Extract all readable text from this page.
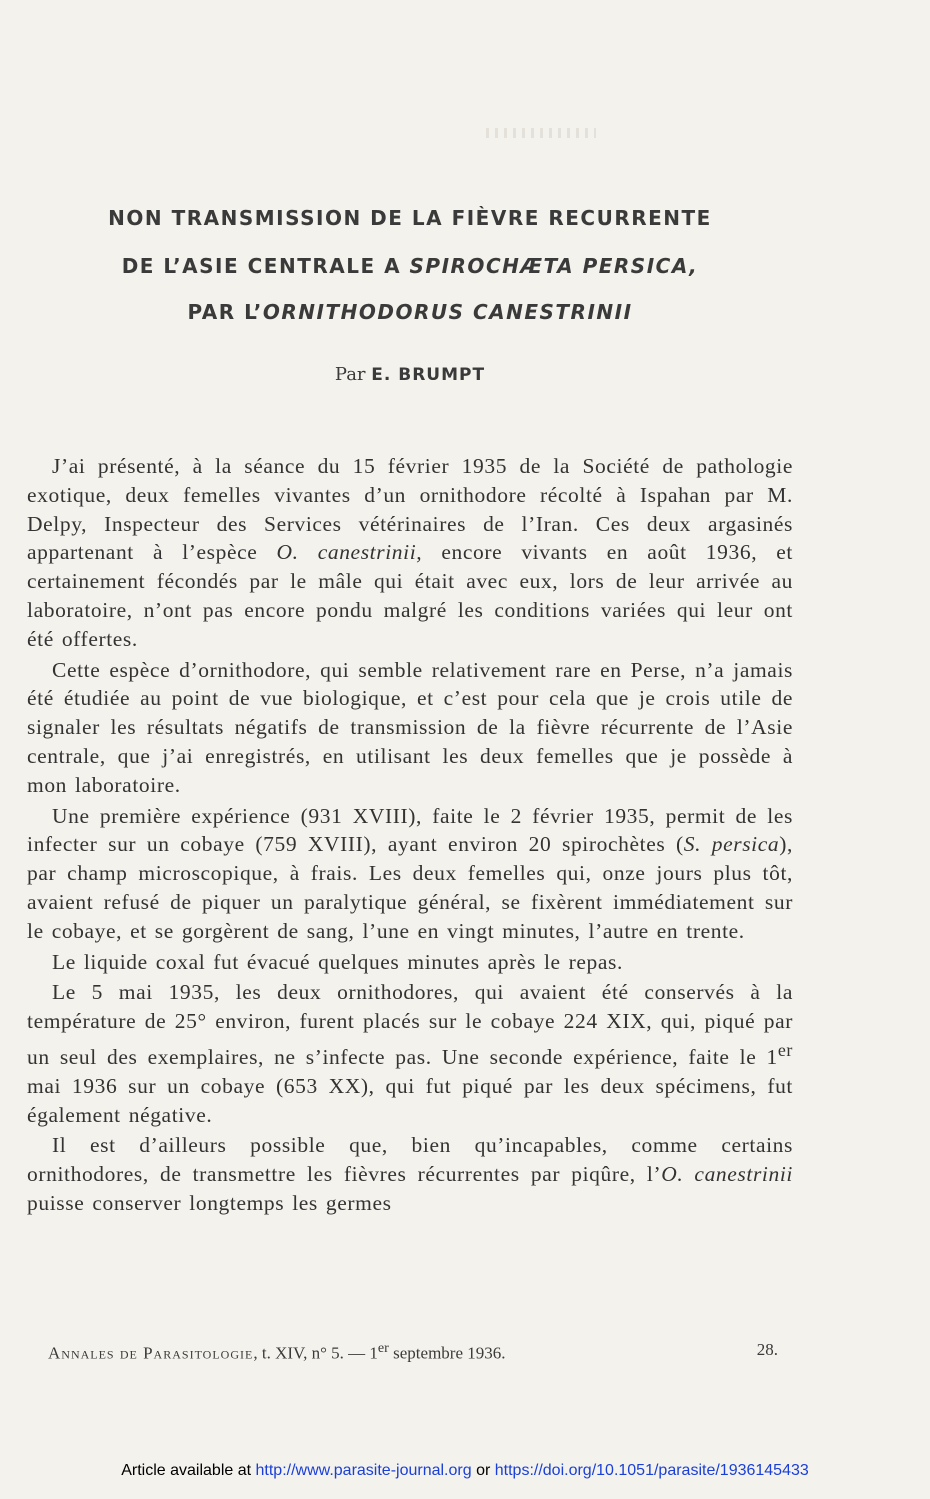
NON TRANSMISSION DE LA FIÈVRE RECURRENTE
DE L’ASIE CENTRALE A SPIROCHÆTA PERSICA,
PAR L’ORNITHODORUS CANESTRINII
Par E. BRUMPT

J’ai présenté, à la séance du 15 février 1935 de la Société de pathologie exotique, deux femelles vivantes d’un ornithodore récolté à Ispahan par M. Delpy, Inspecteur des Services vétérinaires de l’Iran. Ces deux argasinés appartenant à l’espèce O. canestrinii, encore vivants en août 1936, et certainement fécondés par le mâle qui était avec eux, lors de leur arrivée au laboratoire, n’ont pas encore pondu malgré les conditions variées qui leur ont été offertes.

Cette espèce d’ornithodore, qui semble relativement rare en Perse, n’a jamais été étudiée au point de vue biologique, et c’est pour cela que je crois utile de signaler les résultats négatifs de transmission de la fièvre récurrente de l’Asie centrale, que j’ai enregistrés, en utilisant les deux femelles que je possède à mon laboratoire.

Une première expérience (931 XVIII), faite le 2 février 1935, permit de les infecter sur un cobaye (759 XVIII), ayant environ 20 spirochètes (S. persica), par champ microscopique, à frais. Les deux femelles qui, onze jours plus tôt, avaient refusé de piquer un paralytique général, se fixèrent immédiatement sur le cobaye, et se gorgèrent de sang, l’une en vingt minutes, l’autre en trente.

Le liquide coxal fut évacué quelques minutes après le repas.

Le 5 mai 1935, les deux ornithodores, qui avaient été conservés à la température de 25° environ, furent placés sur le cobaye 224 XIX, qui, piqué par un seul des exemplaires, ne s’infecte pas. Une seconde expérience, faite le 1er mai 1936 sur un cobaye (653 XX), qui fut piqué par les deux spécimens, fut également négative.

Il est d’ailleurs possible que, bien qu’incapables, comme certains ornithodores, de transmettre les fièvres récurrentes par piqûre, l’O. canestrinii puisse conserver longtemps les germes

Annales de Parasitologie, t. XIV, n° 5. — 1er septembre 1936.	28.
Article available at http://www.parasite-journal.org or https://doi.org/10.1051/parasite/1936145433
